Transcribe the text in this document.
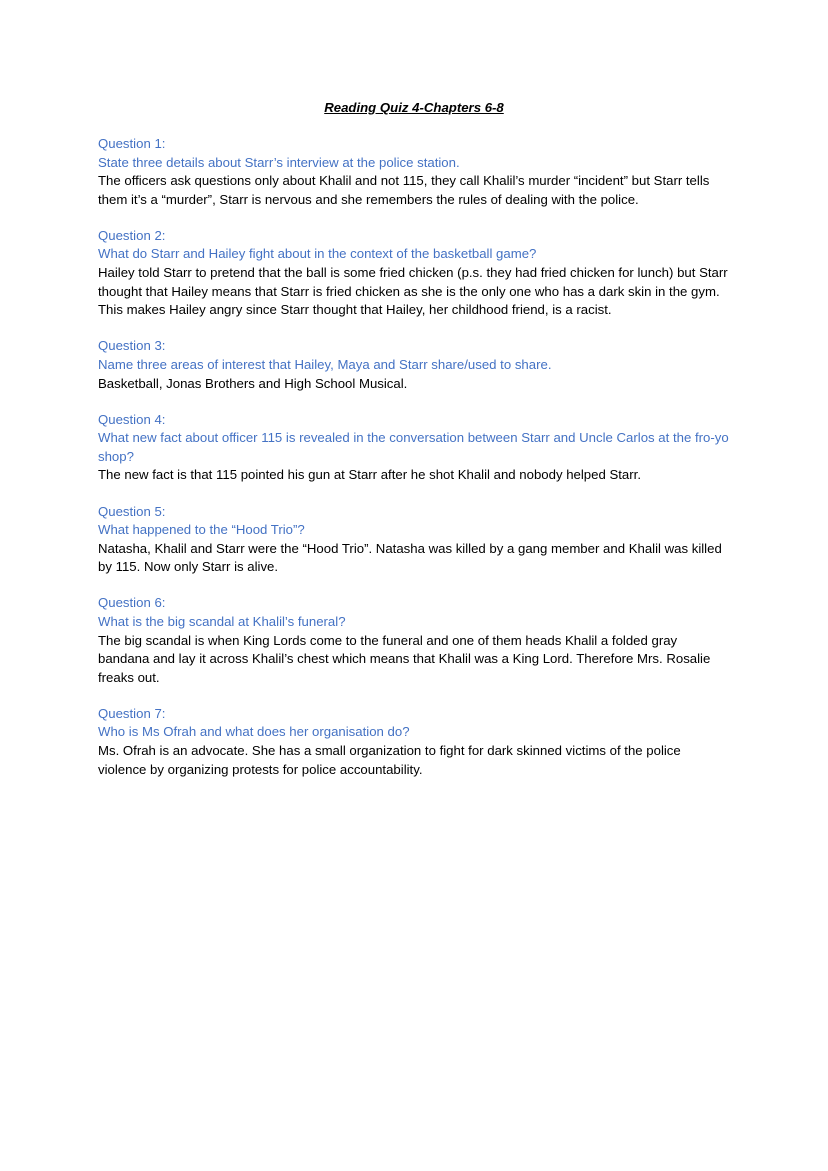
Reading Quiz 4-Chapters 6-8

Question 1:

State three details about Starr’s interview at the police station.

The officers ask questions only about Khalil and not 115, they call Khalil’s murder “incident” but Starr tells them it’s a “murder”, Starr is nervous and she remembers the rules of dealing with the police.

Question 2:

What do Starr and Hailey fight about in the context of the basketball game?

Hailey told Starr to pretend that the ball is some fried chicken (p.s. they had fried chicken for lunch) but Starr thought that Hailey means that Starr is fried chicken as she is the only one who has a dark skin in the gym. This makes Hailey angry since Starr thought that Hailey, her childhood friend, is a racist.

Question 3:

Name three areas of interest that Hailey, Maya and Starr share/used to share.

Basketball, Jonas Brothers and High School Musical.

Question 4:

What new fact about officer 115 is revealed in the conversation between Starr and Uncle Carlos at the fro-yo shop?

The new fact is that 115 pointed his gun at Starr after he shot Khalil and nobody helped Starr.

Question 5:

What happened to the “Hood Trio”?

Natasha, Khalil and Starr were the “Hood Trio”. Natasha was killed by a gang member and Khalil was killed by 115. Now only Starr is alive.

Question 6:

What is the big scandal at Khalil’s funeral?

The big scandal is when King Lords come to the funeral and one of them heads Khalil a folded gray bandana and lay it across Khalil’s chest which means that Khalil was a King Lord. Therefore Mrs. Rosalie freaks out.

Question 7:

Who is Ms Ofrah and what does her organisation do?

Ms. Ofrah is an advocate. She has a small organization to fight for dark skinned victims of the police violence by organizing protests for police accountability.
